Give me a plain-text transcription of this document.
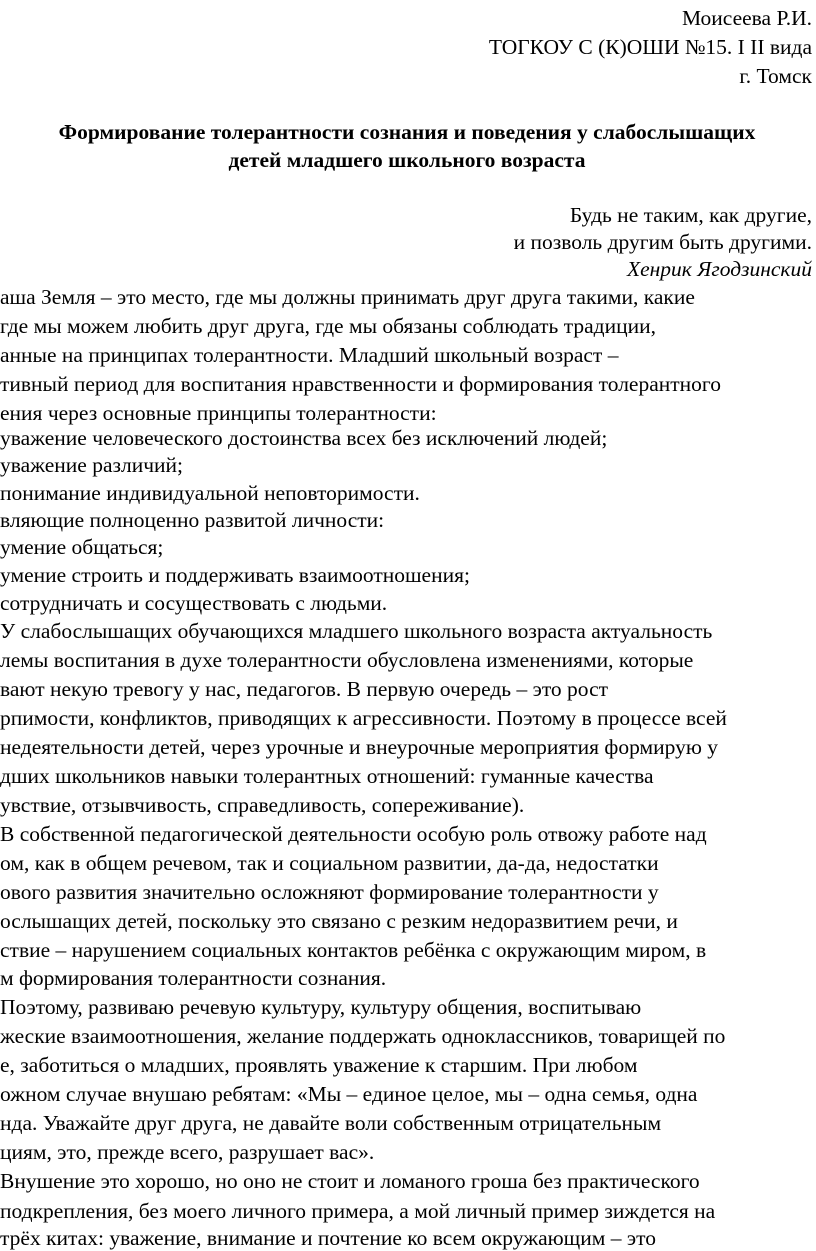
Моисеева Р.И.
ТОГКОУ С (К)ОШИ №15. I II вида
г. Томск
Формирование толерантности сознания и поведения у слабослышащих
детей младшего школьного возраста
Будь не таким, как другие,
и позволь другим быть другими.
Хенрик Ягодзинский
аша Земля – это место, где мы должны принимать друг друга такими, какие
где мы можем любить друг друга, где мы обязаны соблюдать традиции,
анные на принципах толерантности. Младший школьный возраст –
тивный период для воспитания нравственности и формирования толерантного
ения через основные принципы толерантности:
уважение человеческого достоинства всех без исключений людей;
уважение различий;
понимание индивидуальной неповторимости.
вляющие полноценно развитой личности:
умение общаться;
умение строить и поддерживать взаимоотношения;
сотрудничать и сосуществовать с людьми.
У слабослышащих обучающихся младшего школьного возраста актуальность
лемы воспитания в духе толерантности обусловлена изменениями, которые
вают некую тревогу у нас, педагогов. В первую очередь – это рост
рпимости, конфликтов, приводящих к агрессивности. Поэтому в процессе всей
недеятельности детей, через урочные и внеурочные мероприятия формирую у
дших школьников навыки толерантных отношений: гуманные качества
увствие, отзывчивость, справедливость, сопереживание).
В собственной педагогической деятельности особую роль отвожу работе над
ом, как в общем речевом, так и социальном развитии, да-да, недостатки
ового развития значительно осложняют формирование толерантности у
ослышащих детей, поскольку это связано с резким недоразвитием речи, и
ствие – нарушением социальных контактов ребёнка с окружающим миром, в
м формирования толерантности сознания.
Поэтому, развиваю речевую культуру, культуру общения, воспитываю
жеские взаимоотношения, желание поддержать одноклассников, товарищей по
е, заботиться о младших, проявлять уважение к старшим. При любом
ожном случае внушаю ребятам: «Мы – единое целое, мы – одна семья, одна
нда. Уважайте друг друга, не давайте воли собственным отрицательным
циям, это, прежде всего, разрушает вас».
Внушение это хорошо, но оно не стоит и ломаного гроша без практического
подкрепления, без моего личного примера, а мой личный пример зиждется на
трёх китах: уважение, внимание и почтение ко всем окружающим – это
